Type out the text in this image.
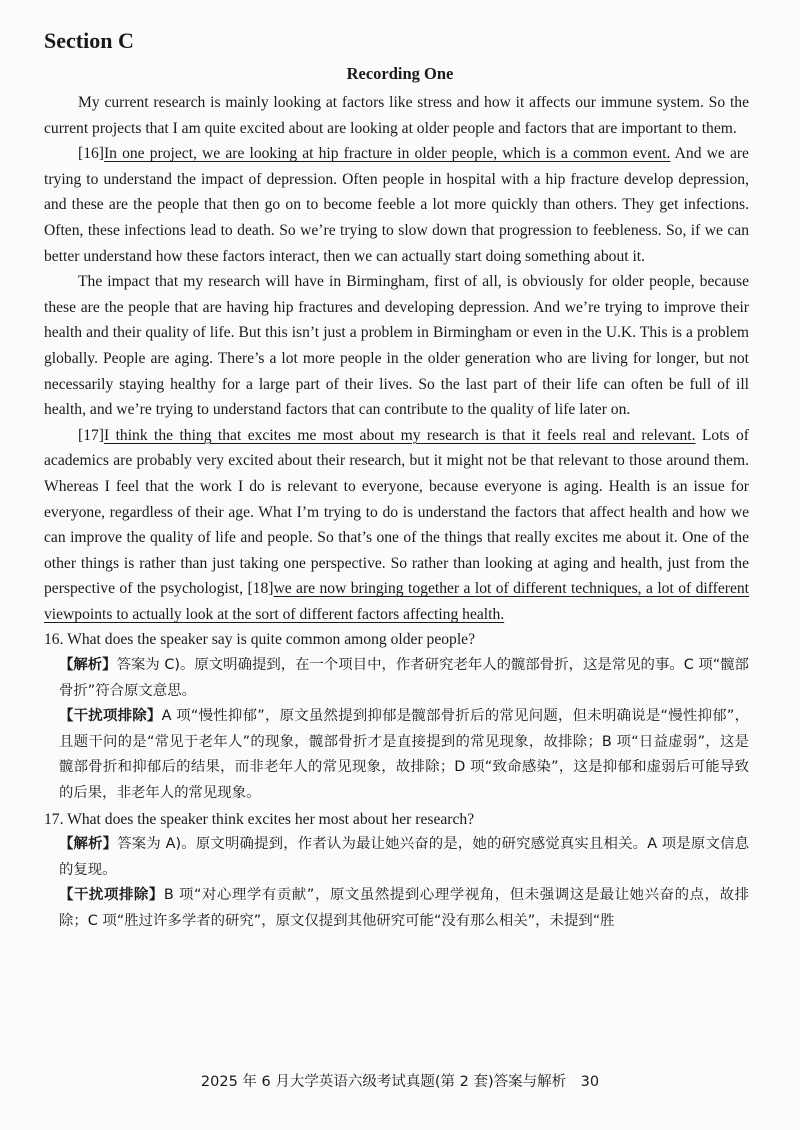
Section C
Recording One

My current research is mainly looking at factors like stress and how it affects our immune system. So the current projects that I am quite excited about are looking at older people and factors that are important to them.

[16]In one project, we are looking at hip fracture in older people, which is a common event. And we are trying to understand the impact of depression. Often people in hospital with a hip fracture develop depression, and these are the people that then go on to become feeble a lot more quickly than others. They get infections. Often, these infections lead to death. So we’re trying to slow down that progression to feebleness. So, if we can better understand how these factors interact, then we can actually start doing something about it.

The impact that my research will have in Birmingham, first of all, is obviously for older people, because these are the people that are having hip fractures and developing depression. And we’re trying to improve their health and their quality of life. But this isn’t just a problem in Birmingham or even in the U.K. This is a problem globally. People are aging. There’s a lot more people in the older generation who are living for longer, but not necessarily staying healthy for a large part of their lives. So the last part of their life can often be full of ill health, and we’re trying to understand factors that can contribute to the quality of life later on.

[17]I think the thing that excites me most about my research is that it feels real and relevant. Lots of academics are probably very excited about their research, but it might not be that relevant to those around them. Whereas I feel that the work I do is relevant to everyone, because everyone is aging. Health is an issue for everyone, regardless of their age. What I’m trying to do is understand the factors that affect health and how we can improve the quality of life and people. So that’s one of the things that really excites me about it. One of the other things is rather than just taking one perspective. So rather than looking at aging and health, just from the perspective of the psychologist, [18]we are now bringing together a lot of different techniques, a lot of different viewpoints to actually look at the sort of different factors affecting health.

16. What does the speaker say is quite common among older people?

【解析】答案为 C)。原文明确提到，在一个项目中，作者研究老年人的髋部骨折，这是常见的事。C 项“髋部骨折”符合原文意思。

【干扰项排除】A 项“慢性抑郁”，原文虽然提到抑郁是髋部骨折后的常见问题，但未明确说是“慢性抑郁”，且题干问的是“常见于老年人”的现象，髋部骨折才是直接提到的常见现象，故排除；B 项“日益虚弱”，这是髋部骨折和抑郁后的结果，而非老年人的常见现象，故排除；D 项“致命感染”，这是抑郁和虚弱后可能导致的后果，非老年人的常见现象。

17. What does the speaker think excites her most about her research?

【解析】答案为 A)。原文明确提到，作者认为最让她兴奋的是，她的研究感觉真实且相关。A 项是原文信息的复现。

【干扰项排除】B 项“对心理学有贡献”，原文虽然提到心理学视角，但未强调这是最让她兴奋的点，故排除；C 项“胜过许多学者的研究”，原文仅提到其他研究可能“没有那么相关”，未提到“胜

2025 年 6 月大学英语六级考试真题(第 2 套)答案与解析　30
